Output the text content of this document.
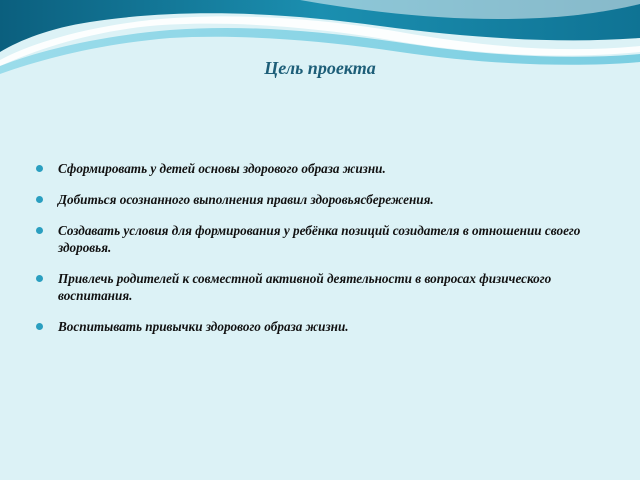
Цель проекта
Сформировать у детей основы здорового образа жизни.
Добиться осознанного выполнения правил здоровьясбережения.
Создавать условия для формирования у ребёнка позиций созидателя в отношении своего здоровья.
Привлечь родителей к совместной активной деятельности в вопросах физического воспитания.
Воспитывать привычки здорового образа жизни.
